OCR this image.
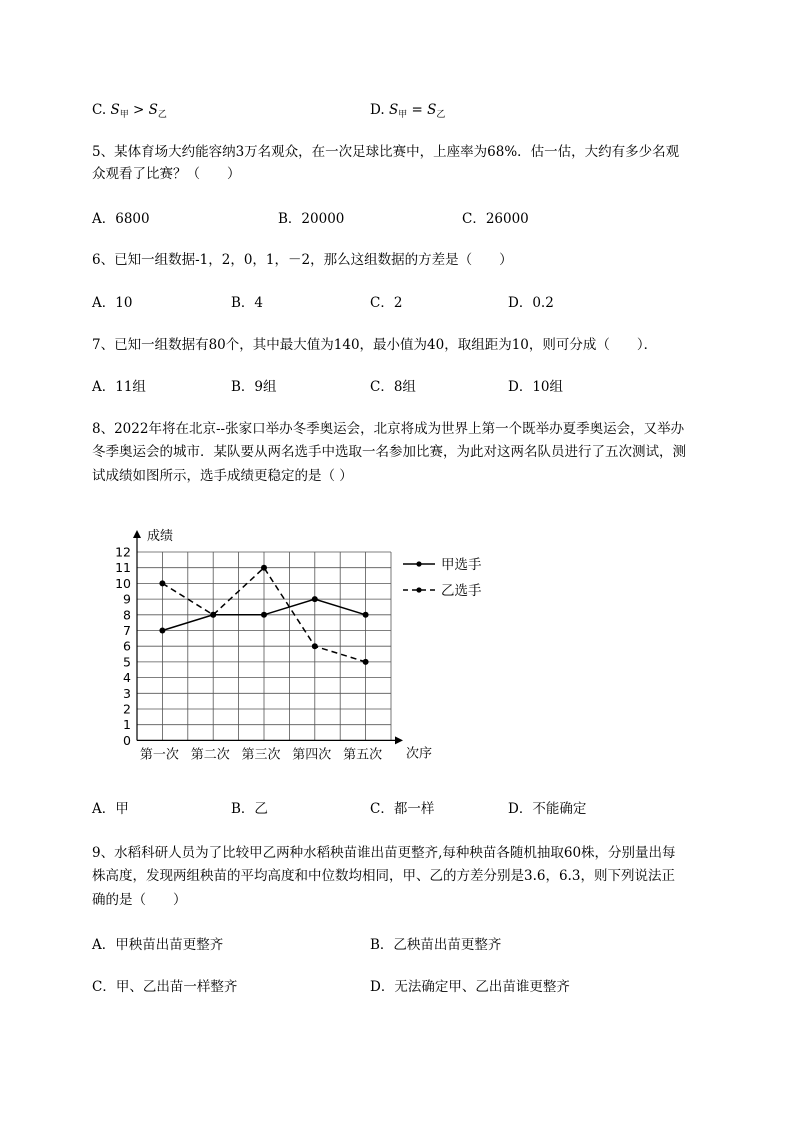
C. $S_甲 > S_乙$	D. $S_甲 = S_乙$
5、某体育场大约能容纳3万名观众，在一次足球比赛中，上座率为68%．估一估，大约有多少名观
众观看了比赛？（　　）
A．6800	B．20000	C．26000
6、已知一组数据-1，2，0，1，－2，那么这组数据的方差是（　　）
A．10	B．4	C．2	D．0.2
7、已知一组数据有80个，其中最大值为140，最小值为40，取组距为10，则可分成（　　）．
A．11组	B．9组	C．8组	D．10组
8、2022年将在北京--张家口举办冬季奥运会，北京将成为世界上第一个既举办夏季奥运会，又举办
冬季奥运会的城市．某队要从两名选手中选取一名参加比赛，为此对这两名队员进行了五次测试，测
试成绩如图所示，选手成绩更稳定的是（ ）
成绩
次序
0
1
2
3
4
5
6
7
8
9
10
11
12
第一次 第二次 第三次 第四次 第五次
甲选手
乙选手
A．甲	B．乙	C．都一样	D．不能确定
9、水稻科研人员为了比较甲乙两种水稻秧苗谁出苗更整齐,每种秧苗各随机抽取60株，分别量出每
株高度，发现两组秧苗的平均高度和中位数均相同，甲、乙的方差分别是3.6，6.3，则下列说法正
确的是（　　）
A．甲秧苗出苗更整齐	B．乙秧苗出苗更整齐
C．甲、乙出苗一样整齐	D．无法确定甲、乙出苗谁更整齐
